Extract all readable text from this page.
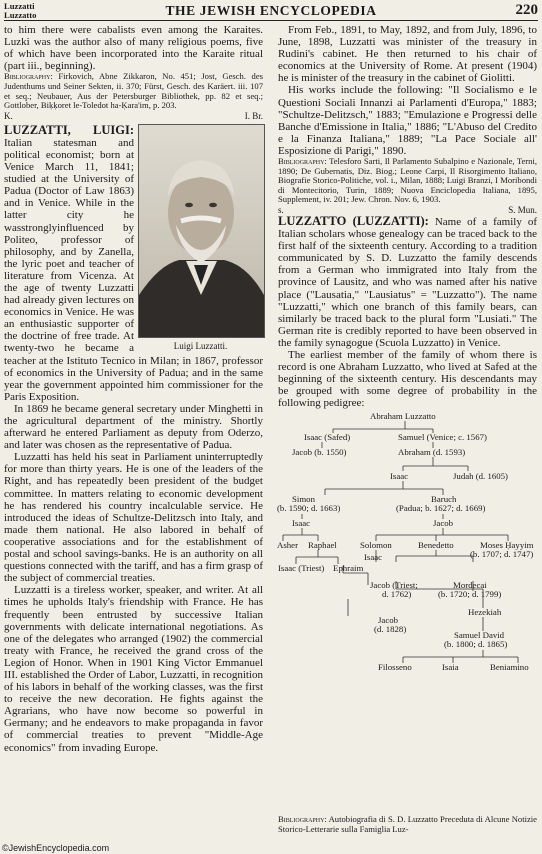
Luzzatti
Luzzatto	THE JEWISH ENCYCLOPEDIA	220

to him there were cabalists even among the Karaites. Luzki was the author also of many religious poems, five of which have been incorporated into the Karaite ritual (part iii., beginning).

Bibliography: Firkovich, Abne Zikkaron, No. 451; Jost, Gesch. des Judenthums und Seiner Sekten, ii. 370; Fürst, Gesch. des Karäert. iii. 107 et seq.; Neubauer, Aus der Petersburger Bibliothek, pp. 82 et seq.; Gottlober, Biḳḳoret le-Toledot ha-Ḳara'im, p. 203.

K.	I. Br.

Luigi Luzzatti.
LUZZATTI, LUIGI: Italian statesman and political economist; born at Venice March 11, 1841; studied at the University of Padua (Doctor of Law 1863) and in Venice. While in the latter city he wasstronglyinfluenced by Politeo, professor of philosophy, and by Zanella, the lyric poet and teacher of literature from Vicenza. At the age of twenty Luzzatti had already given lectures on economics in Venice. He was an enthusiastic supporter of the doctrine of free trade. At twenty-two he became a teacher at the Istituto Tecnico in Milan; in 1867, professor of economics in the University of Padua; and in the same year the government appointed him commissioner for the Paris Exposition.

In 1869 he became general secretary under Minghetti in the agricultural department of the ministry. Shortly afterward he entered Parliament as deputy from Oderzo, and later was chosen as the representative of Padua.

Luzzatti has held his seat in Parliament uninterruptedly for more than thirty years. He is one of the leaders of the Right, and has repeatedly been president of the budget committee. In matters relating to economic development he has rendered his country incalculable service. He introduced the ideas of Schultze-Delitzsch into Italy, and made them national. He also labored in behalf of cooperative associations and for the establishment of postal and school savings-banks. He is an authority on all questions connected with the tariff, and has a firm grasp of the subject of commercial treaties.

Luzzatti is a tireless worker, speaker, and writer. At all times he upholds Italy's friendship with France. He has frequently been entrusted by successive Italian governments with delicate international negotiations. As one of the delegates who arranged (1902) the commercial treaty with France, he received the grand cross of the Legion of Honor. When in 1901 King Victor Emmanuel III. established the Order of Labor, Luzzatti, in recognition of his labors in behalf of the working classes, was the first to receive the new decoration. He fights against the Agrarians, who have now become so powerful in Germany; and he endeavors to make propaganda in favor of commercial treaties to prevent "Middle-Age economics" from invading Europe.

From Feb., 1891, to May, 1892, and from July, 1896, to June, 1898, Luzzatti was minister of the treasury in Rudini's cabinet. He then returned to his chair of economics at the University of Rome. At present (1904) he is minister of the treasury in the cabinet of Giolitti.

His works include the following: "Il Socialismo e le Questioni Sociali Innanzi ai Parlamenti d'Europa," 1883; "Schultze-Delitzsch," 1883; "Emulazione e Progressi delle Banche d'Emissione in Italia," 1886; "L'Abuso del Credito e la Finanza Italiana," 1889; "La Pace Sociale all' Esposizione di Parigi," 1890.

Bibliography: Telesforo Sarti, Il Parlamento Subalpino e Nazionale, Terni, 1890; De Gubernatis, Diz. Biog.; Leone Carpi, Il Risorgimento Italiano, Biografie Storico-Politiche, vol. i., Milan, 1888; Luigi Branzi, I Moribondi di Montecitorio, Turin, 1889; Nuova Enciclopedia Italiana, 1895, Supplement, iv. 201; Jew. Chron. Nov. 6, 1903.

s.	S. Mun.

LUZZATTO (LUZZATTI): Name of a family of Italian scholars whose genealogy can be traced back to the first half of the sixteenth century. According to a tradition communicated by S. D. Luzzatto the family descends from a German who immigrated into Italy from the province of Lausitz, and who was named after his native place ("Lausatia," "Lausiatus" = "Luzzatto"). The name "Luzzatti," which one branch of this family bears, can similarly be traced back to the plural form "Lusiati." The German rite is credibly reported to have been observed in the family synagogue (Scuola Luzzatto) in Venice.

The earliest member of the family of whom there is record is one Abraham Luzzatto, who lived at Safed at the beginning of the sixteenth century. His descendants may be grouped with some degree of probability in the following pedigree:

Abraham Luzzatto
Isaac (Safed)	Samuel (Venice; c. 1567)
Jacob (b. 1550)	Abraham (d. 1593)
Isaac	Judah (d. 1605)
Simon
(b. 1590; d. 1663)
Baruch
(Padua; b. 1627; d. 1669)
Isaac	Jacob
Asher Raphael	Solomon	Benedetto	Moses Ḥayyim
(b. 1707; d. 1747)
Isaac (Triest) Ephraim
Isaac
Jacob (Triest;
d. 1762)
Mordecai
(b. 1720; d. 1799)
Hezekiah
Jacob
(d. 1828)
Samuel David
(b. 1800; d. 1865)
Filosseno	Isaia	Beniamino

Bibliography: Autobiografia di S. D. Luzzatto Preceduta di Alcune Notizie Storico-Letterarie sulla Famiglia Luz-

©JewishEncyclopedia.com
